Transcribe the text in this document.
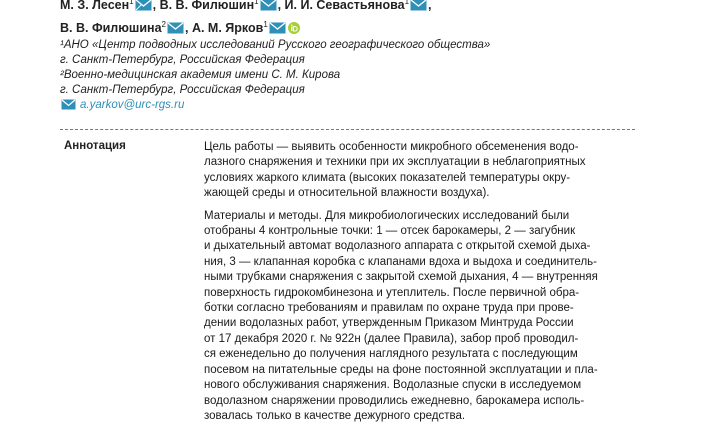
М. З. Лесен$^1$ , В. В. Филюшин$^1$ , И. И. Севастьянова$^1$ ,
В. В. Филюшина$^2$ , А. М. Ярков$^1$
¹АНО «Центр подводных исследований Русского географического общества»
г. Санкт-Петербург, Российская Федерация
²Военно-медицинская академия имени С. М. Кирова
г. Санкт-Петербург, Российская Федерация
a.yarkov@urc-rgs.ru
Аннотация	Цель работы — выявить особенности микробного обсеменения водо-
лазного снаряжения и техники при их эксплуатации в неблагоприятных
условиях жаркого климата (высоких показателей температуры окру-
жающей среды и относительной влажности воздуха).

Материалы и методы. Для микробиологических исследований были
отобраны 4 контрольные точки: 1 — отсек барокамеры, 2 — загубник
и дыхательный автомат водолазного аппарата с открытой схемой дыха-
ния, 3 — клапанная коробка с клапанами вдоха и выдоха и соединитель-
ными трубками снаряжения с закрытой схемой дыхания, 4 — внутренняя
поверхность гидрокомбинезона и утеплитель. После первичной обра-
ботки согласно требованиям и правилам по охране труда при прове-
дении водолазных работ, утвержденным Приказом Минтруда России
от 17 декабря 2020 г. № 922н (далее Правила), забор проб проводил-
ся еженедельно до получения наглядного результата с последующим
посевом на питательные среды на фоне постоянной эксплуатации и пла-
нового обслуживания снаряжения. Водолазные спуски в исследуемом
водолазном снаряжении проводились ежедневно, барокамера исполь-
зовалась только в качестве дежурного средства.
